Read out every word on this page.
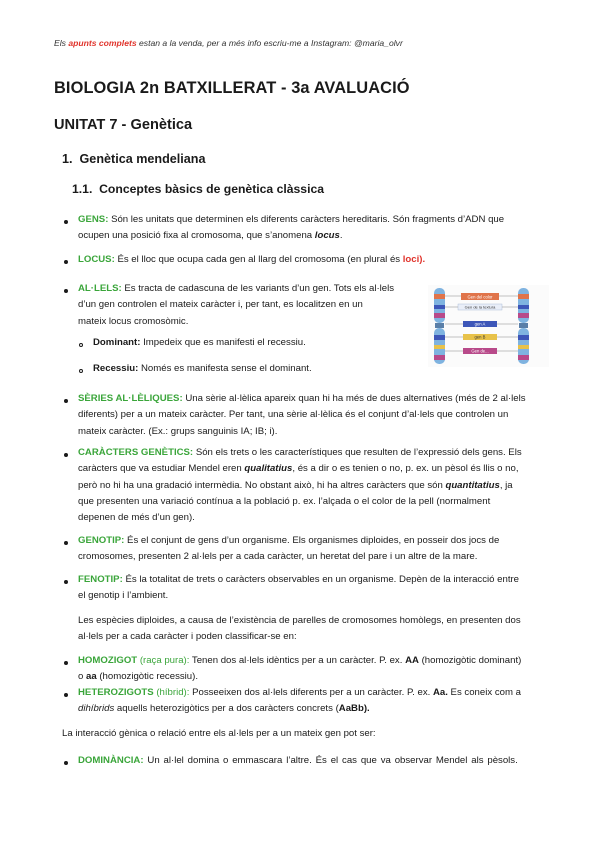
Els apunts complets estan a la venda, per a més info escriu-me a Instagram: @maria_olvr
BIOLOGIA 2n BATXILLERAT - 3a AVALUACIÓ
UNITAT 7 - Genètica
1. Genètica mendeliana
1.1. Conceptes bàsics de genètica clàssica
GENS: Són les unitats que determinen els diferents caràcters hereditaris. Són fragments d’ADN que
ocupen una posició fixa al cromosoma, que s’anomena locus.
LOCUS: És el lloc que ocupa cada gen al llarg del cromosoma (en plural és loci).
AL·LELS: Es tracta de cadascuna de les variants d’un gen. Tots els al·lels
d’un gen controlen el mateix caràcter i, per tant, es localitzen en un
mateix locus cromosòmic.
Dominant: Impedeix que es manifesti el recessiu.
Recessiu: Només es manifesta sense el dominant.
Gen del color
Gen de la textura
gen A
gen B
Gen de...
SÈRIES AL·LÈLIQUES: Una sèrie al·lèlica apareix quan hi ha més de dues alternatives (més de 2 al·lels
diferents) per a un mateix caràcter. Per tant, una sèrie al·lèlica és el conjunt d’al·lels que controlen un
mateix caràcter. (Ex.: grups sanguinis IA; IB; i).
CARÀCTERS GENÈTICS: Són els trets o les característiques que resulten de l’expressió dels gens. Els
caràcters que va estudiar Mendel eren qualitatius, és a dir o es tenien o no, p. ex. un pèsol és llis o no,
però no hi ha una gradació intermèdia. No obstant això, hi ha altres caràcters que són quantitatius, ja
que presenten una variació contínua a la població p. ex. l’alçada o el color de la pell (normalment
depenen de més d’un gen).
GENOTIP: És el conjunt de gens d’un organisme. Els organismes diploides, en posseir dos jocs de
cromosomes, presenten 2 al·lels per a cada caràcter, un heretat del pare i un altre de la mare.
FENOTIP: És la totalitat de trets o caràcters observables en un organisme. Depèn de la interacció entre
el genotip i l’ambient.
Les espècies diploides, a causa de l’existència de parelles de cromosomes homòlegs, en presenten dos
al·lels per a cada caràcter i poden classificar-se en:
HOMOZIGOT (raça pura): Tenen dos al·lels idèntics per a un caràcter. P. ex. AA (homozigòtic dominant)
o aa (homozigòtic recessiu).
HETEROZIGOTS (híbrid): Posseeixen dos al·lels diferents per a un caràcter. P. ex. Aa. Es coneix com a
dihíbrids aquells heterozigòtics per a dos caràcters concrets (AaBb).
La interacció gènica o relació entre els al·lels per a un mateix gen pot ser:
DOMINÀNCIA: Un al·lel domina o emmascara l’altre. És el cas que va observar Mendel als pèsols.
